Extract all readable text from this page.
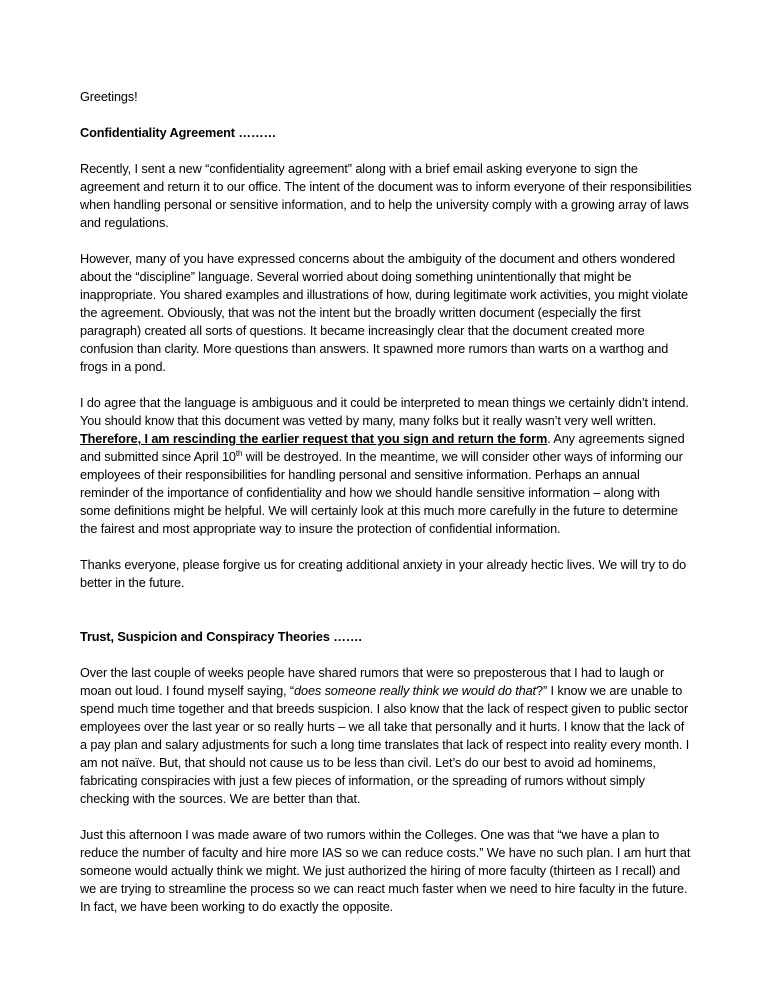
Greetings!

Confidentiality Agreement ………

Recently, I sent a new “confidentiality agreement” along with a brief email asking everyone to sign the agreement and return it to our office. The intent of the document was to inform everyone of their responsibilities when handling personal or sensitive information, and to help the university comply with a growing array of laws and regulations.

However, many of you have expressed concerns about the ambiguity of the document and others wondered about the “discipline” language. Several worried about doing something unintentionally that might be inappropriate. You shared examples and illustrations of how, during legitimate work activities, you might violate the agreement. Obviously, that was not the intent but the broadly written document (especially the first paragraph) created all sorts of questions. It became increasingly clear that the document created more confusion than clarity. More questions than answers. It spawned more rumors than warts on a warthog and frogs in a pond.

I do agree that the language is ambiguous and it could be interpreted to mean things we certainly didn’t intend. You should know that this document was vetted by many, many folks but it really wasn’t very well written. Therefore, I am rescinding the earlier request that you sign and return the form. Any agreements signed and submitted since April 10th will be destroyed. In the meantime, we will consider other ways of informing our employees of their responsibilities for handling personal and sensitive information. Perhaps an annual reminder of the importance of confidentiality and how we should handle sensitive information – along with some definitions might be helpful. We will certainly look at this much more carefully in the future to determine the fairest and most appropriate way to insure the protection of confidential information.

Thanks everyone, please forgive us for creating additional anxiety in your already hectic lives. We will try to do better in the future.

Trust, Suspicion and Conspiracy Theories …….

Over the last couple of weeks people have shared rumors that were so preposterous that I had to laugh or moan out loud. I found myself saying, “does someone really think we would do that?” I know we are unable to spend much time together and that breeds suspicion. I also know that the lack of respect given to public sector employees over the last year or so really hurts – we all take that personally and it hurts. I know that the lack of a pay plan and salary adjustments for such a long time translates that lack of respect into reality every month. I am not naïve. But, that should not cause us to be less than civil. Let’s do our best to avoid ad hominems, fabricating conspiracies with just a few pieces of information, or the spreading of rumors without simply checking with the sources. We are better than that.

Just this afternoon I was made aware of two rumors within the Colleges. One was that “we have a plan to reduce the number of faculty and hire more IAS so we can reduce costs.” We have no such plan. I am hurt that someone would actually think we might. We just authorized the hiring of more faculty (thirteen as I recall) and we are trying to streamline the process so we can react much faster when we need to hire faculty in the future. In fact, we have been working to do exactly the opposite.
